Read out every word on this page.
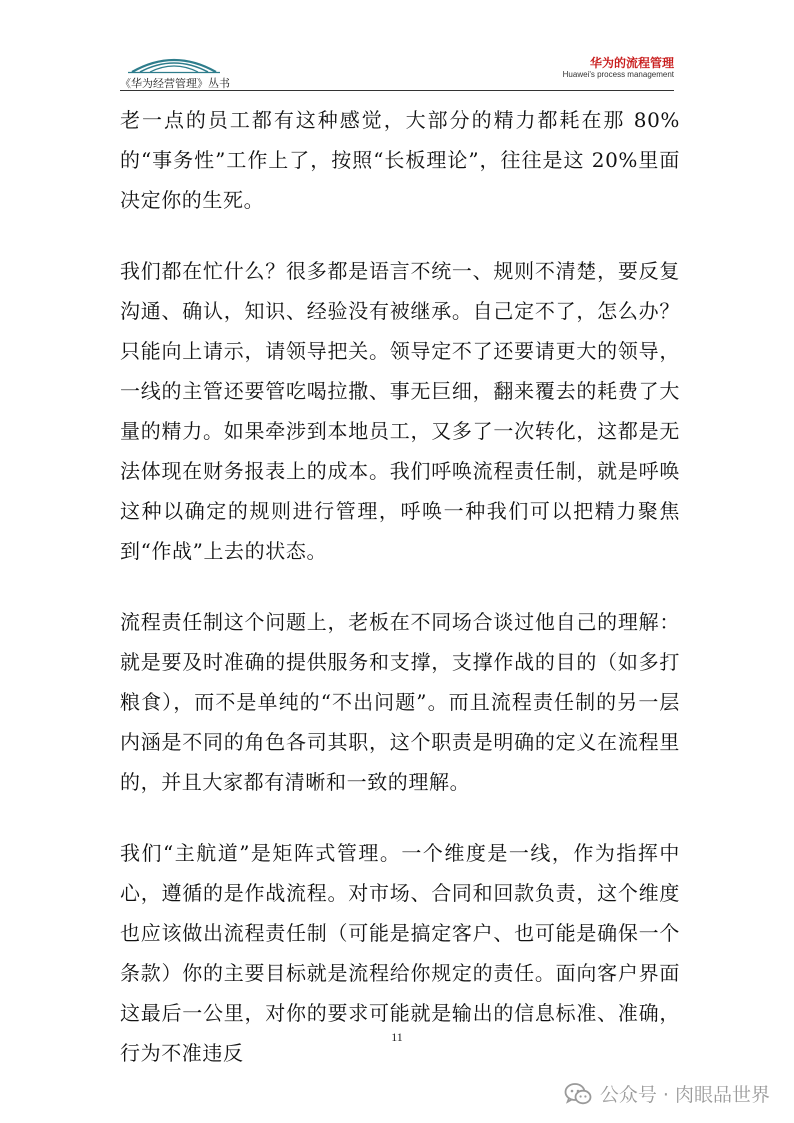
《华为经营管理》丛书
华为的流程管理
Huawei's process management

老一点的员工都有这种感觉，大部分的精力都耗在那 80%的“事务性”工作上了，按照“长板理论”，往往是这 20%里面决定你的生死。

我们都在忙什么？很多都是语言不统一、规则不清楚，要反复沟通、确认，知识、经验没有被继承。自己定不了，怎么办？只能向上请示，请领导把关。领导定不了还要请更大的领导，一线的主管还要管吃喝拉撒、事无巨细，翻来覆去的耗费了大量的精力。如果牵涉到本地员工，又多了一次转化，这都是无法体现在财务报表上的成本。我们呼唤流程责任制，就是呼唤这种以确定的规则进行管理，呼唤一种我们可以把精力聚焦到“作战”上去的状态。

流程责任制这个问题上，老板在不同场合谈过他自己的理解：就是要及时准确的提供服务和支撑，支撑作战的目的（如多打粮食），而不是单纯的“不出问题”。而且流程责任制的另一层内涵是不同的角色各司其职，这个职责是明确的定义在流程里的，并且大家都有清晰和一致的理解。

我们“主航道”是矩阵式管理。一个维度是一线，作为指挥中心，遵循的是作战流程。对市场、合同和回款负责，这个维度也应该做出流程责任制（可能是搞定客户、也可能是确保一个条款）你的主要目标就是流程给你规定的责任。面向客户界面这最后一公里，对你的要求可能就是输出的信息标准、准确，行为不准违反

11
公众号 · 肉眼品世界
